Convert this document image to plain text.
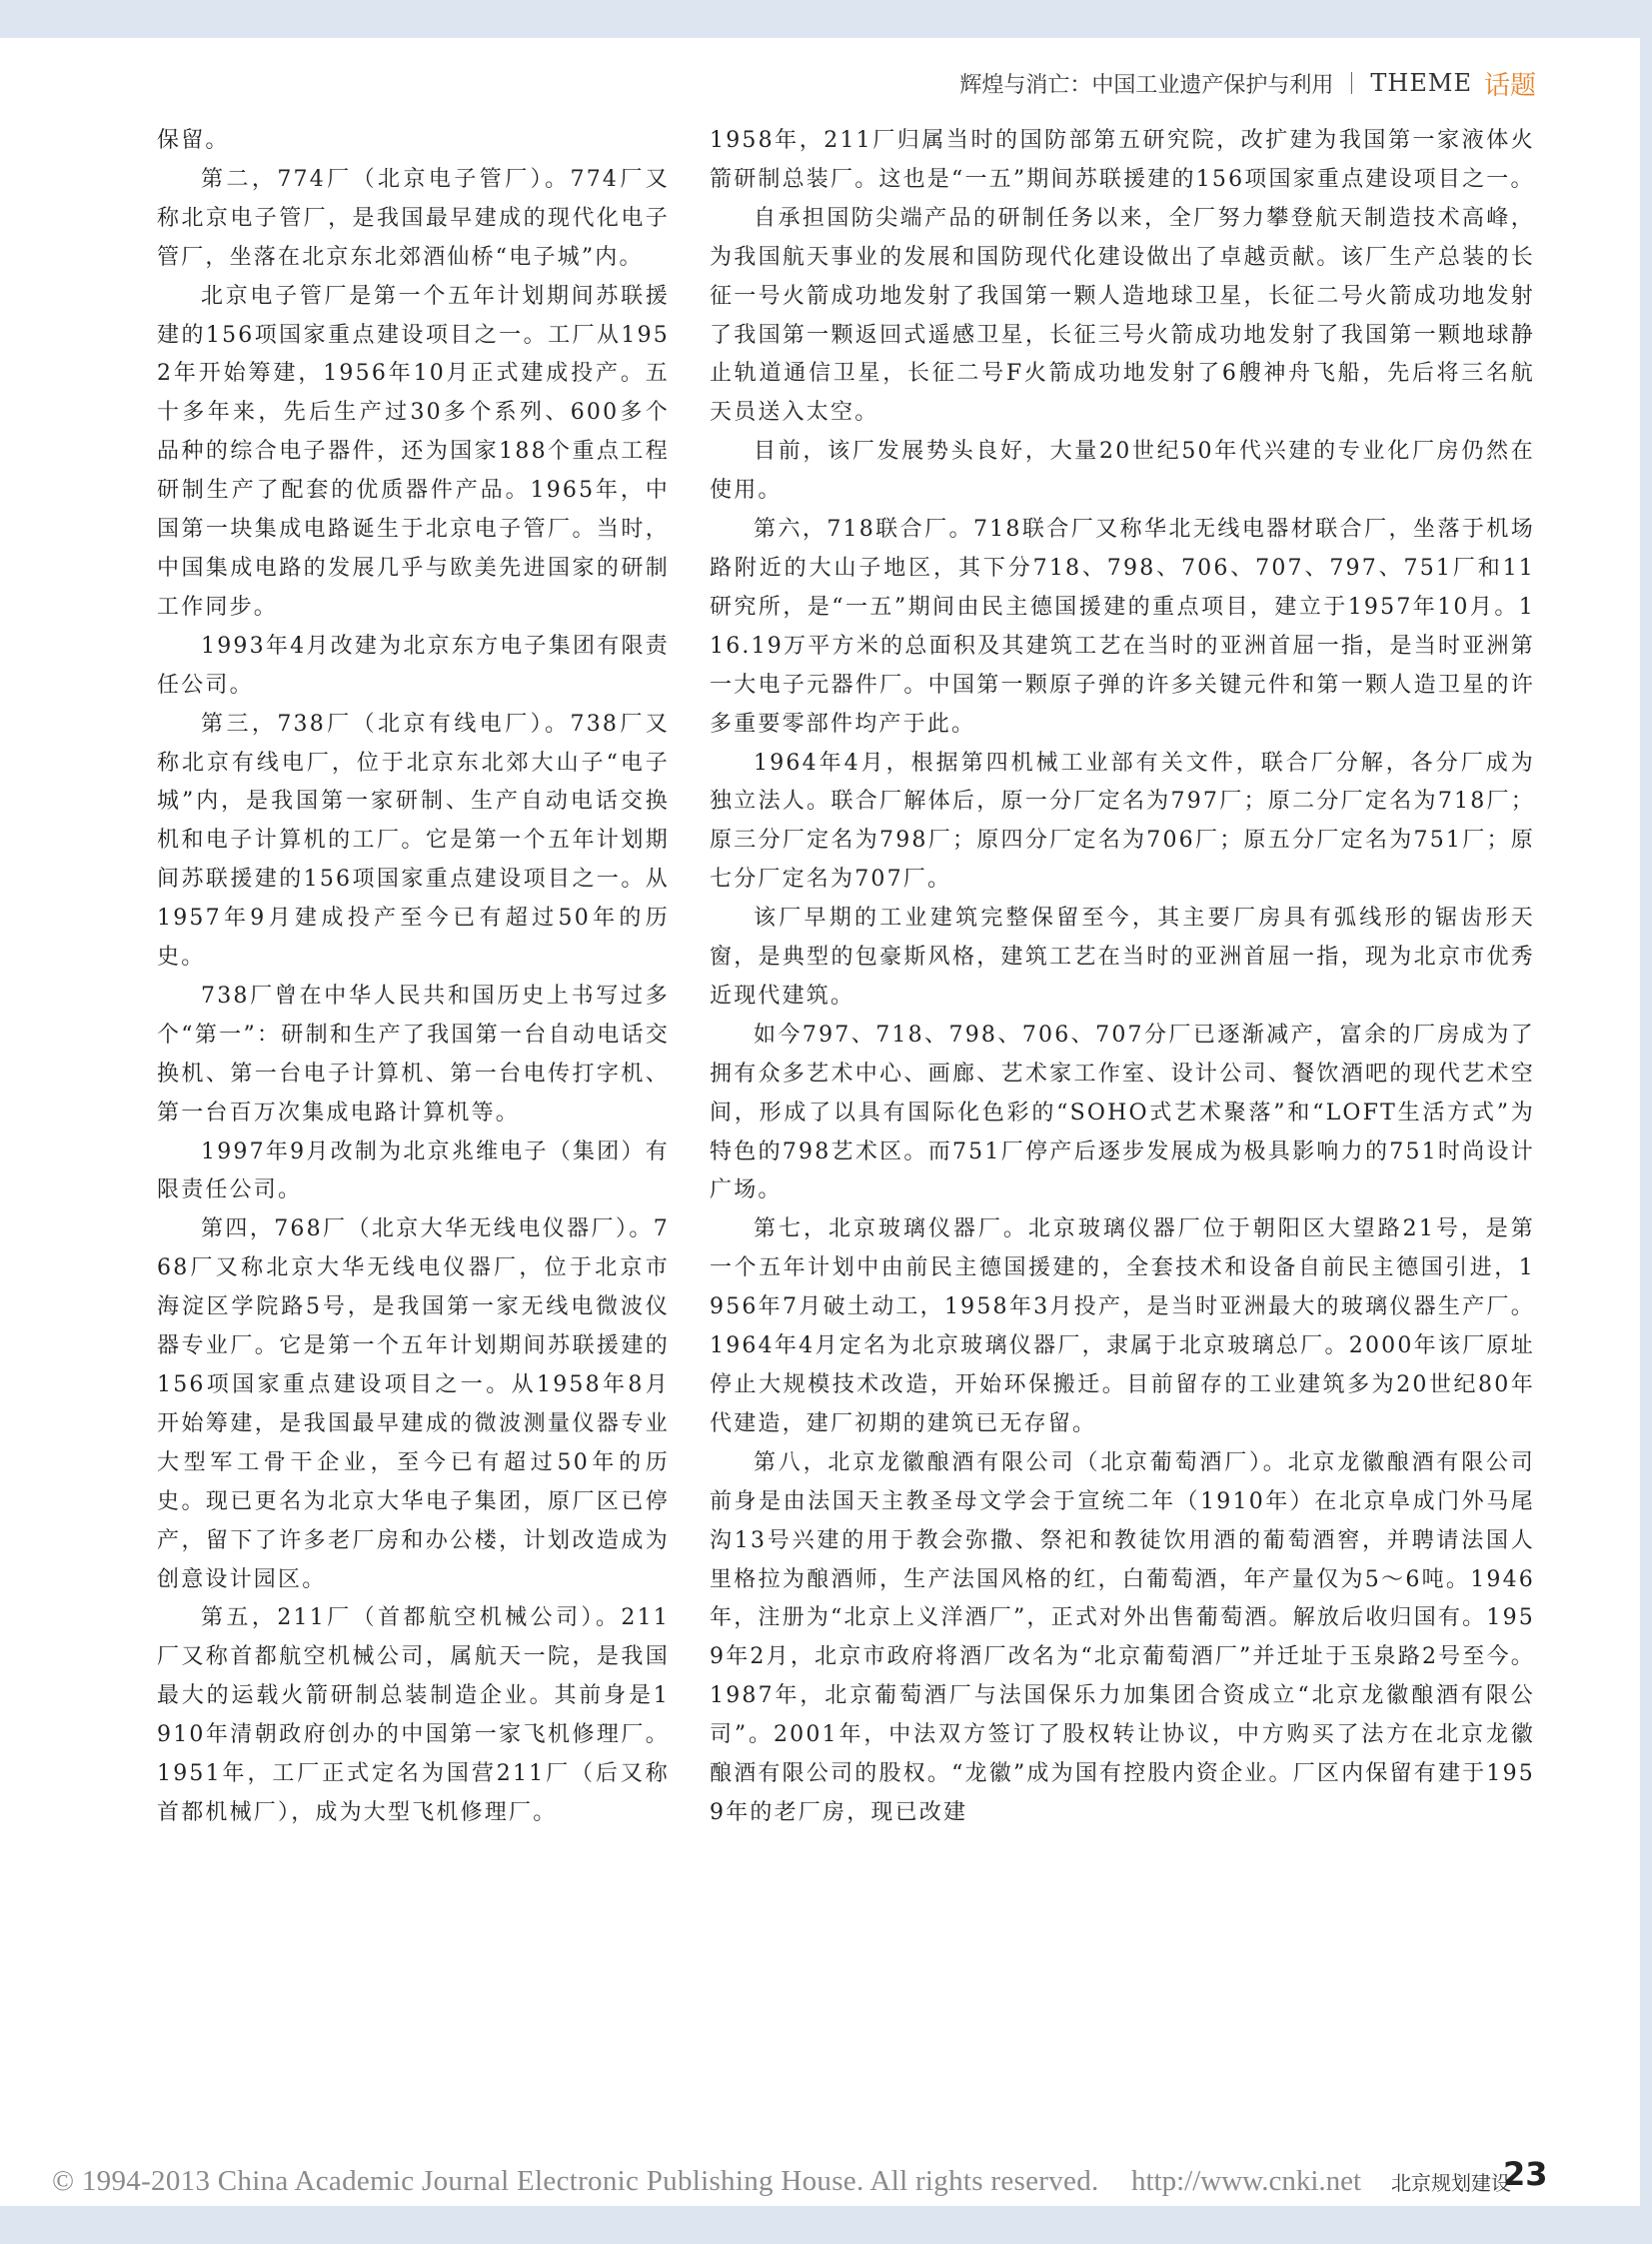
辉煌与消亡：中国工业遗产保护与利用 THEME 话题

保留。

第二，774厂（北京电子管厂）。774厂又称北京电子管厂，是我国最早建成的现代化电子管厂，坐落在北京东北郊酒仙桥“电子城”内。

北京电子管厂是第一个五年计划期间苏联援建的156项国家重点建设项目之一。工厂从1952年开始筹建，1956年10月正式建成投产。五十多年来，先后生产过30多个系列、600多个品种的综合电子器件，还为国家188个重点工程研制生产了配套的优质器件产品。1965年，中国第一块集成电路诞生于北京电子管厂。当时，中国集成电路的发展几乎与欧美先进国家的研制工作同步。

1993年4月改建为北京东方电子集团有限责任公司。

第三，738厂（北京有线电厂）。738厂又称北京有线电厂，位于北京东北郊大山子“电子城”内，是我国第一家研制、生产自动电话交换机和电子计算机的工厂。它是第一个五年计划期间苏联援建的156项国家重点建设项目之一。从1957年9月建成投产至今已有超过50年的历史。

738厂曾在中华人民共和国历史上书写过多个“第一”：研制和生产了我国第一台自动电话交换机、第一台电子计算机、第一台电传打字机、第一台百万次集成电路计算机等。

1997年9月改制为北京兆维电子（集团）有限责任公司。

第四，768厂（北京大华无线电仪器厂）。768厂又称北京大华无线电仪器厂，位于北京市海淀区学院路5号，是我国第一家无线电微波仪器专业厂。它是第一个五年计划期间苏联援建的156项国家重点建设项目之一。从1958年8月开始筹建，是我国最早建成的微波测量仪器专业大型军工骨干企业，至今已有超过50年的历史。现已更名为北京大华电子集团，原厂区已停产，留下了许多老厂房和办公楼，计划改造成为创意设计园区。

第五，211厂（首都航空机械公司）。211厂又称首都航空机械公司，属航天一院，是我国最大的运载火箭研制总装制造企业。其前身是1910年清朝政府创办的中国第一家飞机修理厂。1951年，工厂正式定名为国营211厂（后又称首都机械厂），成为大型飞机修理厂。

1958年，211厂归属当时的国防部第五研究院，改扩建为我国第一家液体火箭研制总装厂。这也是“一五”期间苏联援建的156项国家重点建设项目之一。

自承担国防尖端产品的研制任务以来，全厂努力攀登航天制造技术高峰，为我国航天事业的发展和国防现代化建设做出了卓越贡献。该厂生产总装的长征一号火箭成功地发射了我国第一颗人造地球卫星，长征二号火箭成功地发射了我国第一颗返回式遥感卫星，长征三号火箭成功地发射了我国第一颗地球静止轨道通信卫星，长征二号F火箭成功地发射了6艘神舟飞船，先后将三名航天员送入太空。

目前，该厂发展势头良好，大量20世纪50年代兴建的专业化厂房仍然在使用。

第六，718联合厂。718联合厂又称华北无线电器材联合厂，坐落于机场路附近的大山子地区，其下分718、798、706、707、797、751厂和11研究所，是“一五”期间由民主德国援建的重点项目，建立于1957年10月。116.19万平方米的总面积及其建筑工艺在当时的亚洲首屈一指，是当时亚洲第一大电子元器件厂。中国第一颗原子弹的许多关键元件和第一颗人造卫星的许多重要零部件均产于此。

1964年4月，根据第四机械工业部有关文件，联合厂分解，各分厂成为独立法人。联合厂解体后，原一分厂定名为797厂；原二分厂定名为718厂；原三分厂定名为798厂；原四分厂定名为706厂；原五分厂定名为751厂；原七分厂定名为707厂。

该厂早期的工业建筑完整保留至今，其主要厂房具有弧线形的锯齿形天窗，是典型的包豪斯风格，建筑工艺在当时的亚洲首屈一指，现为北京市优秀近现代建筑。

如今797、718、798、706、707分厂已逐渐减产，富余的厂房成为了拥有众多艺术中心、画廊、艺术家工作室、设计公司、餐饮酒吧的现代艺术空间，形成了以具有国际化色彩的“SOHO式艺术聚落”和“LOFT生活方式”为特色的798艺术区。而751厂停产后逐步发展成为极具影响力的751时尚设计广场。

第七，北京玻璃仪器厂。北京玻璃仪器厂位于朝阳区大望路21号，是第一个五年计划中由前民主德国援建的，全套技术和设备自前民主德国引进，1956年7月破土动工，1958年3月投产，是当时亚洲最大的玻璃仪器生产厂。1964年4月定名为北京玻璃仪器厂，隶属于北京玻璃总厂。2000年该厂原址停止大规模技术改造，开始环保搬迁。目前留存的工业建筑多为20世纪80年代建造，建厂初期的建筑已无存留。

第八，北京龙徽酿酒有限公司（北京葡萄酒厂）。北京龙徽酿酒有限公司前身是由法国天主教圣母文学会于宣统二年（1910年）在北京阜成门外马尾沟13号兴建的用于教会弥撒、祭祀和教徒饮用酒的葡萄酒窖，并聘请法国人里格拉为酿酒师，生产法国风格的红，白葡萄酒，年产量仅为5～6吨。1946年，注册为“北京上义洋酒厂”，正式对外出售葡萄酒。解放后收归国有。1959年2月，北京市政府将酒厂改名为“北京葡萄酒厂”并迁址于玉泉路2号至今。1987年，北京葡萄酒厂与法国保乐力加集团合资成立“北京龙徽酿酒有限公司”。2001年，中法双方签订了股权转让协议，中方购买了法方在北京龙徽酿酒有限公司的股权。“龙徽”成为国有控股内资企业。厂区内保留有建于1959年的老厂房，现已改建

© 1994-2013 China Academic Journal Electronic Publishing House. All rights reserved. http://www.cnki.net 北京规划建设
23
